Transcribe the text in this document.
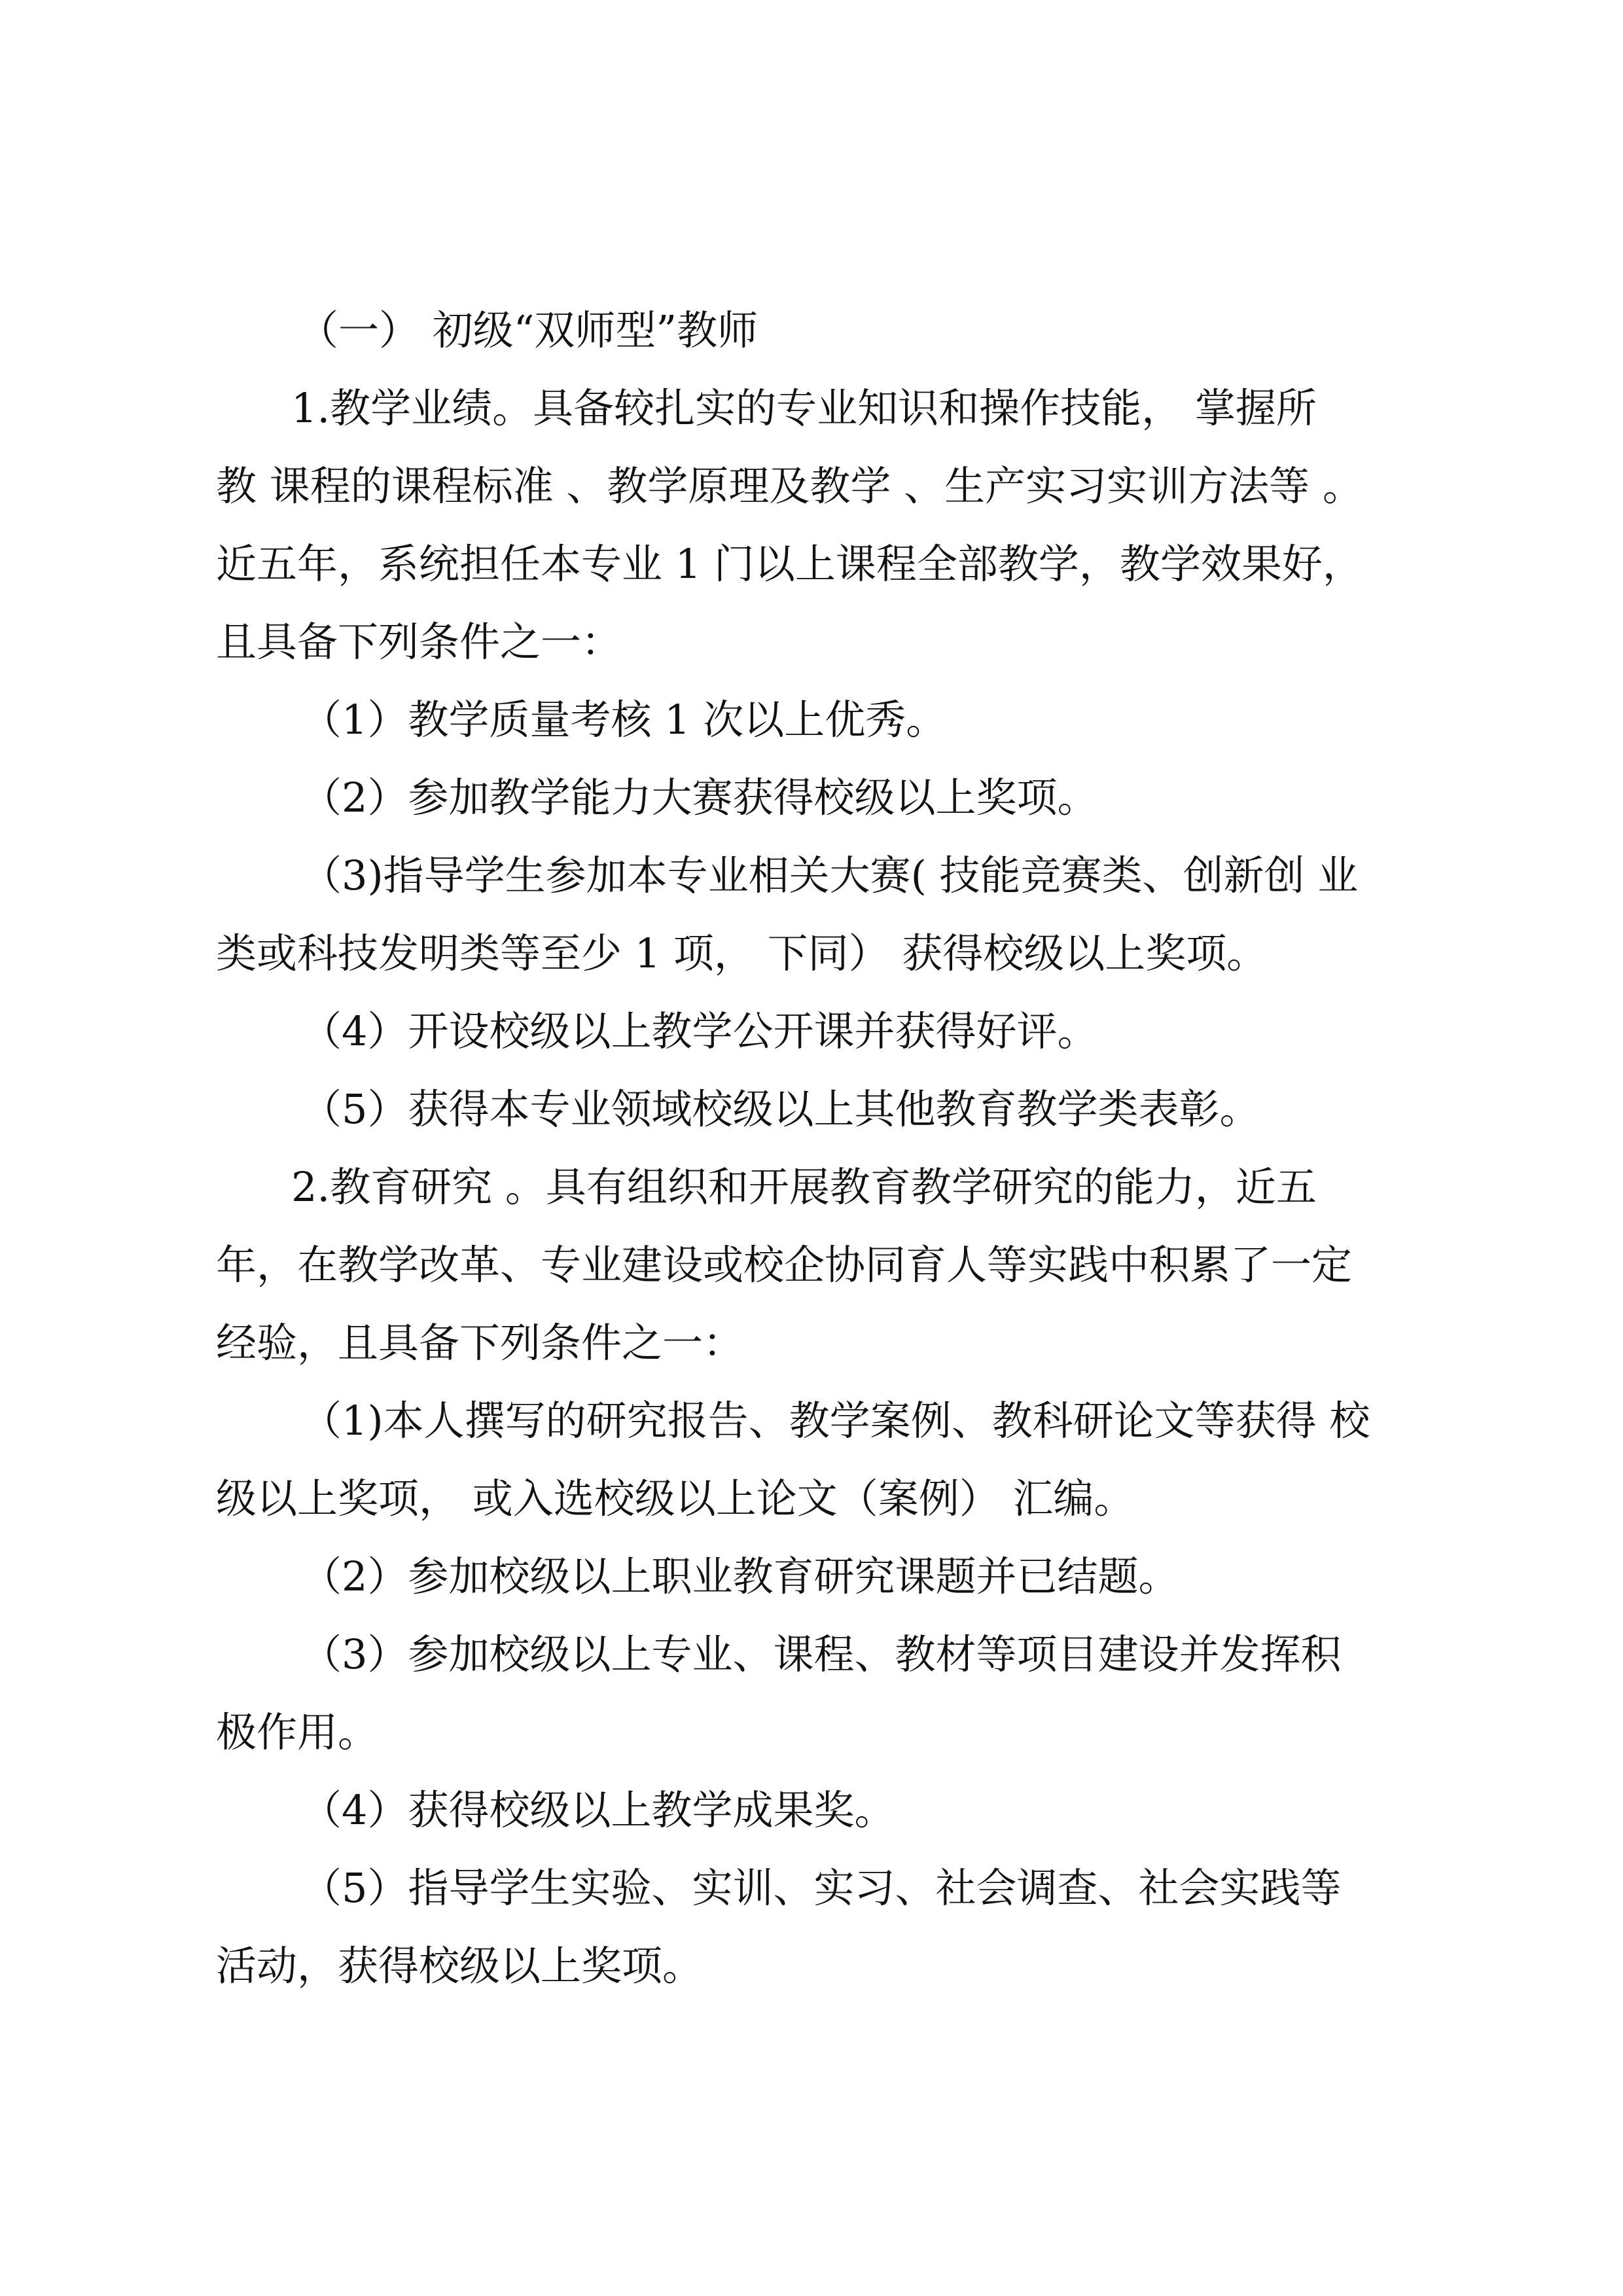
（一） 初级“双师型”教师
1.教学业绩。具备较扎实的专业知识和操作技能， 掌握所
教 课程的课程标准 、教学原理及教学 、生产实习实训方法等 。
近五年，系统担任本专业 1 门以上课程全部教学，教学效果好，
且具备下列条件之一：
（1）教学质量考核 1 次以上优秀。
（2）参加教学能力大赛获得校级以上奖项。
（3)指导学生参加本专业相关大赛( 技能竞赛类、创新创 业
类或科技发明类等至少 1 项， 下同） 获得校级以上奖项。
（4）开设校级以上教学公开课并获得好评。
（5）获得本专业领域校级以上其他教育教学类表彰。
2.教育研究 。具有组织和开展教育教学研究的能力，近五
年，在教学改革、专业建设或校企协同育人等实践中积累了一定
经验，且具备下列条件之一：
（1)本人撰写的研究报告、教学案例、教科研论文等获得 校
级以上奖项， 或入选校级以上论文（案例） 汇编。
（2）参加校级以上职业教育研究课题并已结题。
（3）参加校级以上专业、课程、教材等项目建设并发挥积
极作用。
（4）获得校级以上教学成果奖。
（5）指导学生实验、实训、实习、社会调查、社会实践等
活动，获得校级以上奖项。
